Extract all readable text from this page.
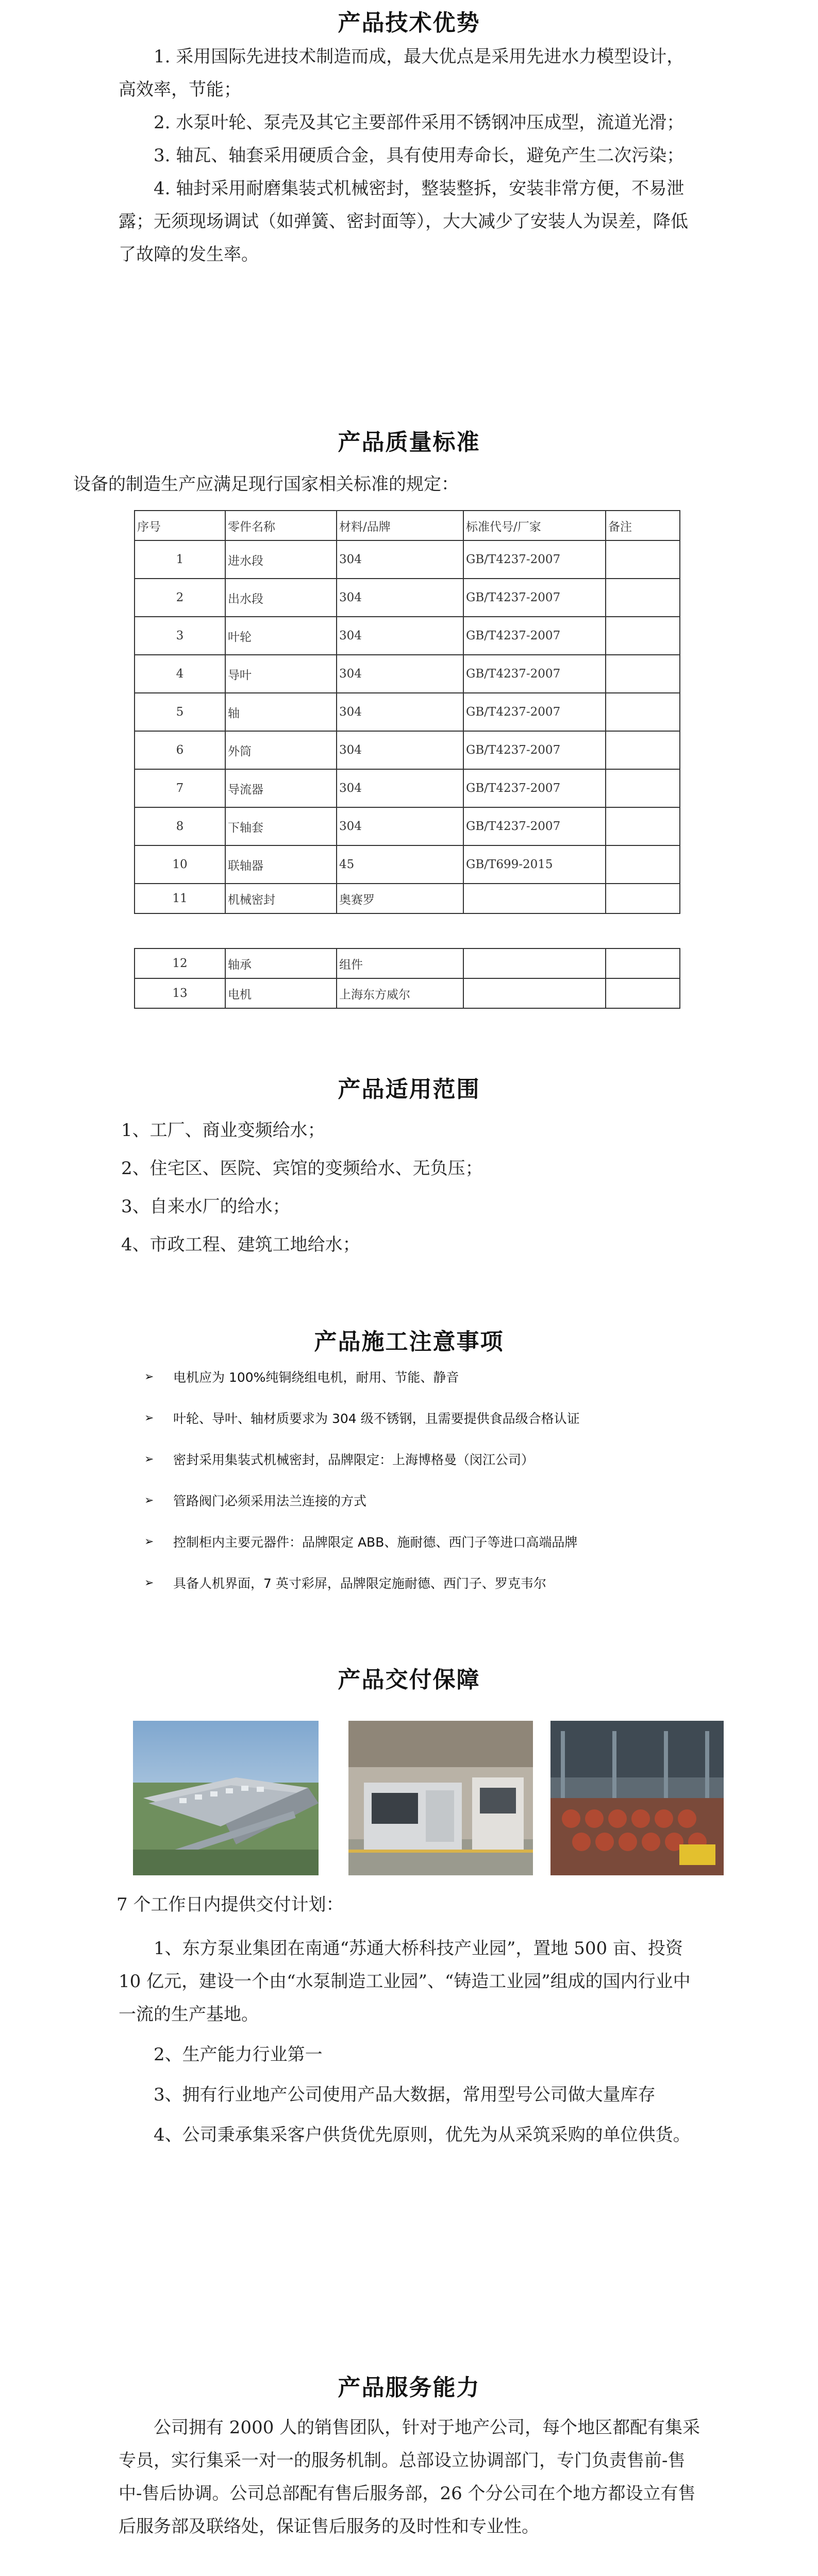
产品技术优势

1. 采用国际先进技术制造而成，最大优点是采用先进水力模型设计，高效率，节能；

2. 水泵叶轮、泵壳及其它主要部件采用不锈钢冲压成型，流道光滑；

3. 轴瓦、轴套采用硬质合金，具有使用寿命长，避免产生二次污染；

4. 轴封采用耐磨集装式机械密封，整装整拆，安装非常方便，不易泄露；无须现场调试（如弹簧、密封面等），大大减少了安装人为误差，降低了故障的发生率。

产品质量标准
设备的制造生产应满足现行国家相关标准的规定：
序号	零件名称	材料/品牌	标准代号/厂家	备注
1	进水段	304	GB/T4237-2007	
2	出水段	304	GB/T4237-2007	
3	叶轮	304	GB/T4237-2007	
4	导叶	304	GB/T4237-2007	
5	轴	304	GB/T4237-2007	
6	外筒	304	GB/T4237-2007	
7	导流器	304	GB/T4237-2007	
8	下轴套	304	GB/T4237-2007	
10	联轴器	45	GB/T699-2015	
11	机械密封	奥赛罗		
12	轴承	组件		
13	电机	上海东方威尔		
产品适用范围

1、工厂、商业变频给水；

2、住宅区、医院、宾馆的变频给水、无负压；

3、自来水厂的给水；

4、市政工程、建筑工地给水；

产品施工注意事项
➢	电机应为 100%纯铜绕组电机，耐用、节能、静音
➢	叶轮、导叶、轴材质要求为 304 级不锈钢，且需要提供食品级合格认证
➢	密封采用集装式机械密封，品牌限定：上海博格曼（闵江公司）
➢	管路阀门必须采用法兰连接的方式
➢	控制柜内主要元器件：品牌限定 ABB、施耐德、西门子等进口高端品牌
➢	具备人机界面，7 英寸彩屏，品牌限定施耐德、西门子、罗克韦尔
产品交付保障
7 个工作日内提供交付计划：

1、东方泵业集团在南通“苏通大桥科技产业园”，置地 500 亩、投资 10 亿元，建设一个由“水泵制造工业园”、“铸造工业园”组成的国内行业中一流的生产基地。

2、生产能力行业第一

3、拥有行业地产公司使用产品大数据，常用型号公司做大量库存

4、公司秉承集采客户供货优先原则，优先为从采筑采购的单位供货。

产品服务能力

公司拥有 2000 人的销售团队，针对于地产公司，每个地区都配有集采专员，实行集采一对一的服务机制。总部设立协调部门，专门负责售前-售中-售后协调。公司总部配有售后服务部，26 个分公司在个地方都设立有售后服务部及联络处，保证售后服务的及时性和专业性。
